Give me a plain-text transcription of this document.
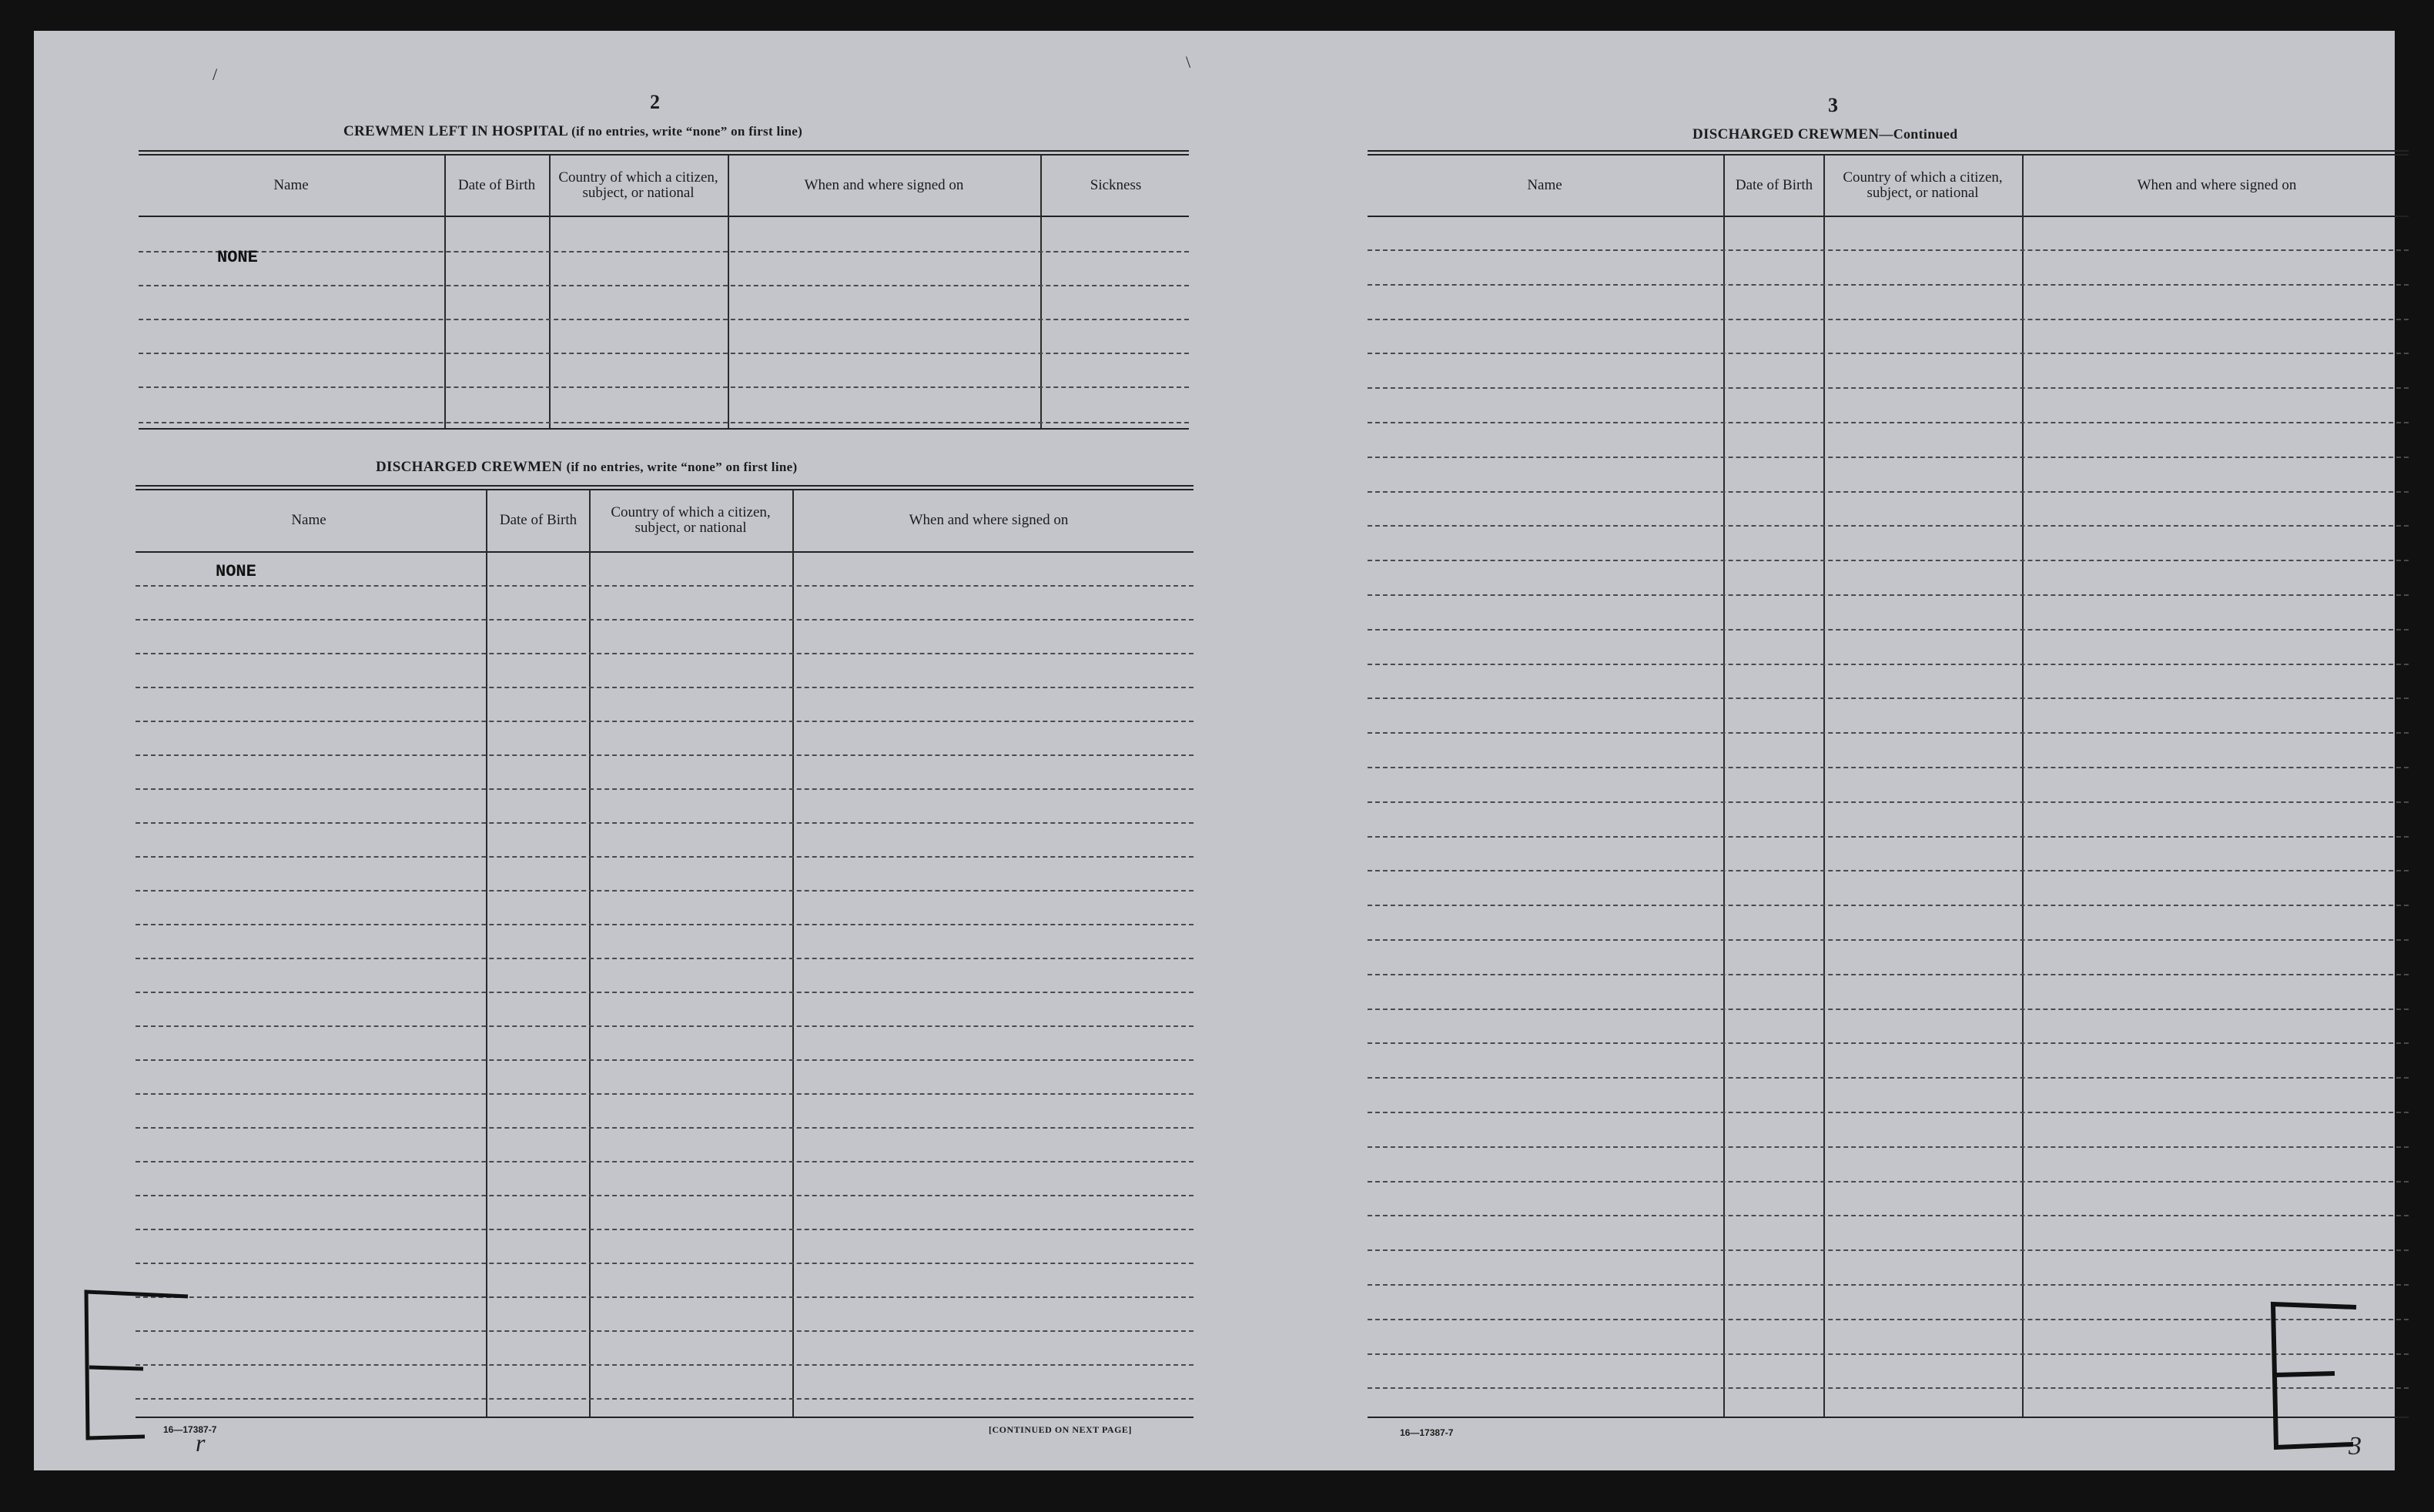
/
2
CREWMEN LEFT IN HOSPITAL (if no entries, write “none” on first line)
Name	Date of Birth	Country of which a citizen, subject, or national	When and where signed on	Sickness
NONE
DISCHARGED CREWMEN (if no entries, write “none” on first line)
Name	Date of Birth	Country of which a citizen, subject, or national	When and where signed on
NONE
16—17387-7	[CONTINUED ON NEXT PAGE]
r
\
3
DISCHARGED CREWMEN—Continued
Name	Date of Birth	Country of which a citizen, subject, or national	When and where signed on
16—17387-7	3
